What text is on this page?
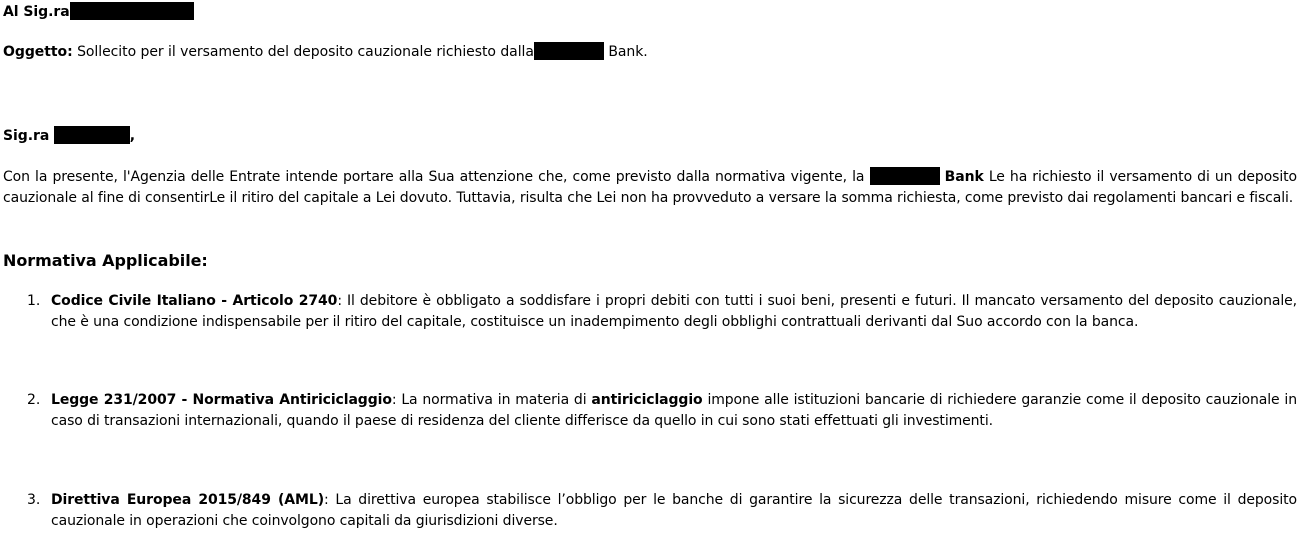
Al Sig.ra
Oggetto: Sollecito per il versamento del deposito cauzionale richiesto dalla	Bank.
Sig.ra	,
Con la presente, l'Agenzia delle Entrate intende portare alla Sua attenzione che, come previsto dalla normativa vigente, la	Bank Le ha richiesto il versamento di un deposito cauzionale al fine di consentirLe il ritiro del capitale a Lei dovuto. Tuttavia, risulta che Lei non ha provveduto a versare la somma richiesta, come previsto dai regolamenti bancari e fiscali.
Normativa Applicabile:
1. Codice Civile Italiano - Articolo 2740: Il debitore è obbligato a soddisfare i propri debiti con tutti i suoi beni, presenti e futuri. Il mancato versamento del deposito cauzionale, che è una condizione indispensabile per il ritiro del capitale, costituisce un inadempimento degli obblighi contrattuali derivanti dal Suo accordo con la banca.
2. Legge 231/2007 - Normativa Antiriciclaggio: La normativa in materia di antiriciclaggio impone alle istituzioni bancarie di richiedere garanzie come il deposito cauzionale in caso di transazioni internazionali, quando il paese di residenza del cliente differisce da quello in cui sono stati effettuati gli investimenti.
3. Direttiva Europea 2015/849 (AML): La direttiva europea stabilisce l’obbligo per le banche di garantire la sicurezza delle transazioni, richiedendo misure come il deposito cauzionale in operazioni che coinvolgono capitali da giurisdizioni diverse.
